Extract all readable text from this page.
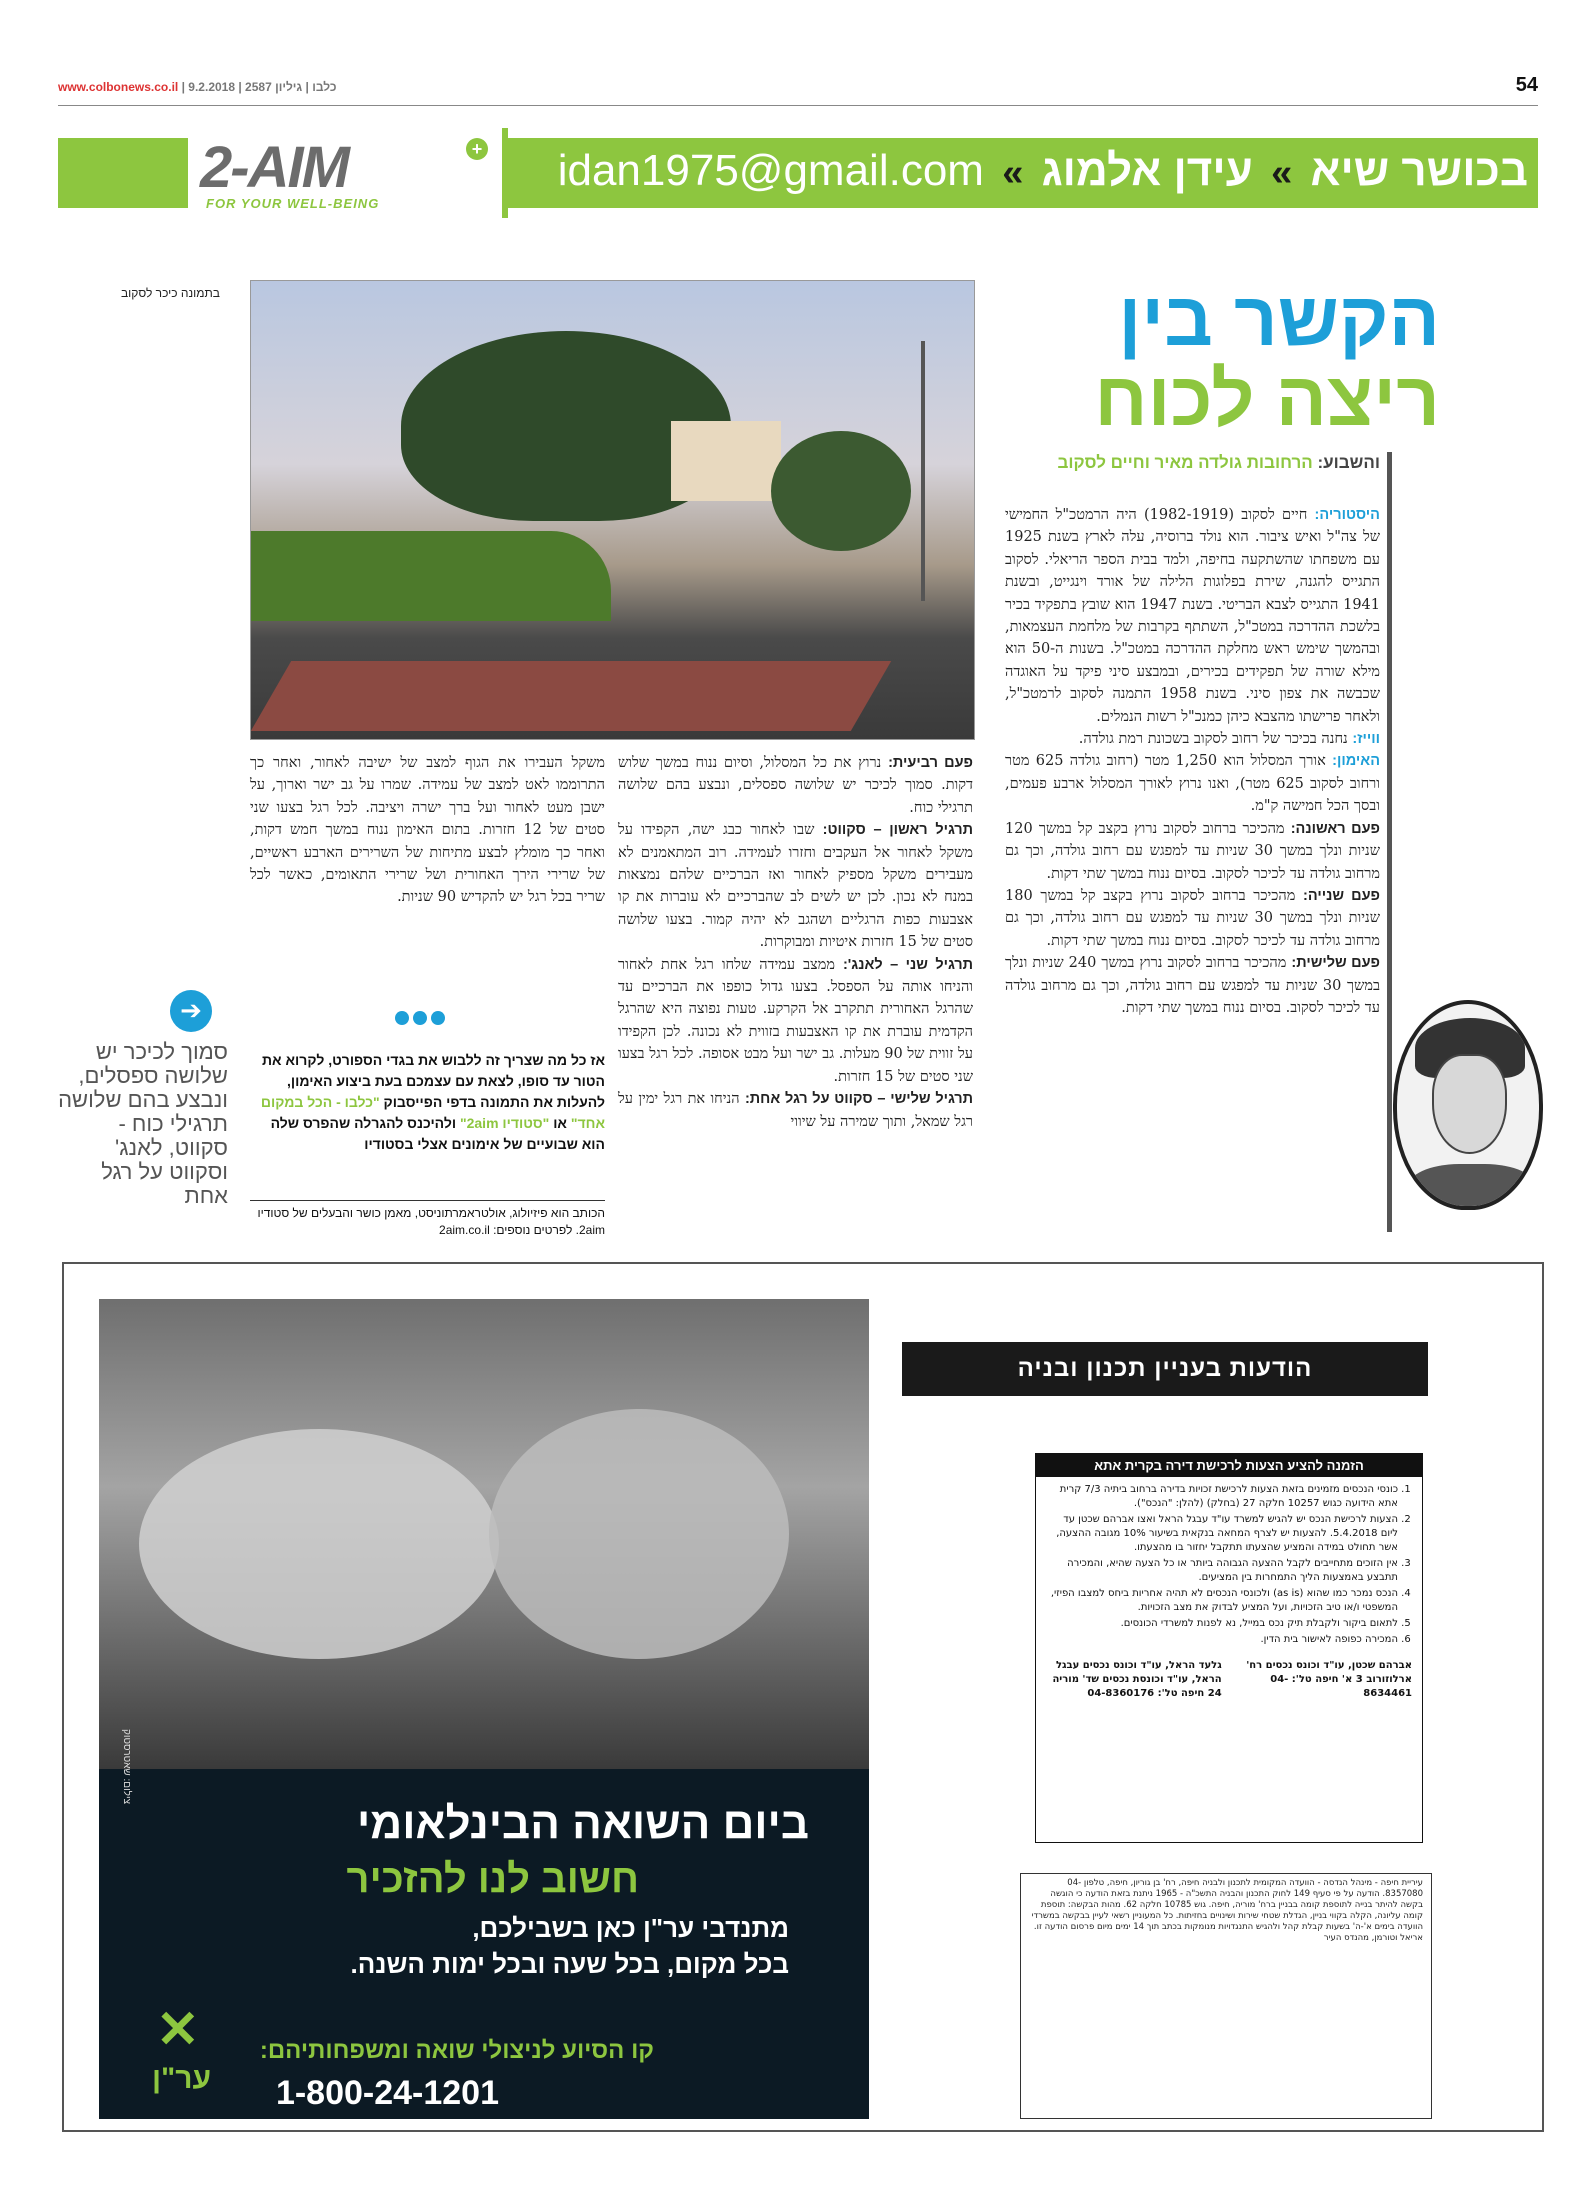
www.colbonews.co.il | כלבו | גיליון 2587 | 9.2.2018	54
2-AIM	+
FOR YOUR WELL-BEING
בכושר שיא » עידן אלמוג » idan1975@gmail.com
בתמונה כיכר לסקוב	הקשר בין
ריצה לכוח
והשבוע: הרחובות גולדה מאיר וחיים לסקוב

היסטוריה: חיים לסקוב (1982-1919) היה הרמטכ"ל החמישי של צה"ל ואיש ציבור. הוא נולד ברוסיה, עלה לארץ בשנת 1925 עם משפחתו שהשתקעה בחיפה, ולמד בבית הספר הריאלי. לסקוב התגייס להגנה, שירת בפלוגות הלילה של אורד וינגייט, ובשנת 1941 התגייס לצבא הבריטי. בשנת 1947 הוא שובץ בתפקיד בכיר בלשכת ההדרכה במטכ"ל, השתתף בקרבות של מלחמת העצמאות, ובהמשך שימש ראש מחלקת ההדרכה במטכ"ל. בשנות ה-50 הוא מילא שורה של תפקידים בכירים, ובמבצע סיני פיקד על האוגדה שכבשה את צפון סיני. בשנת 1958 התמנה לסקוב לרמטכ"ל, ולאחר פרישתו מהצבא כיהן כמנכ"ל רשות הנמלים.

ווייז: נחנה בכיכר של רחוב לסקוב בשכונת רמת גולדה.

האימון: אורך המסלול הוא 1,250 מטר (רחוב גולדה 625 מטר ורחוב לסקוב 625 מטר), ואנו נרוץ לאורך המסלול ארבע פעמים, ובסך הכל חמישה ק"מ.

פעם ראשונה: מהכיכר ברחוב לסקוב נרוץ בקצב קל במשך 120 שניות ונלך במשך 30 שניות עד למפגש עם רחוב גולדה, וכך גם מרחוב גולדה עד לכיכר לסקוב. בסיום ננוח במשך שתי דקות.

פעם שנייה: מהכיכר ברחוב לסקוב נרוץ בקצב קל במשך 180 שניות ונלך במשך 30 שניות עד למפגש עם רחוב גולדה, וכך גם מרחוב גולדה עד לכיכר לסקוב. בסיום ננוח במשך שתי דקות.

פעם שלישית: מהכיכר ברחוב לסקוב נרוץ במשך 240 שניות ונלך במשך 30 שניות עד למפגש עם רחוב גולדה, וכך גם מרחוב גולדה עד לכיכר לסקוב. בסיום ננוח במשך שתי דקות.

פעם רביעית: נרוץ את כל המסלול, וסיום ננוח במשך שלוש דקות. סמוך לכיכר יש שלושה ספסלים, ונבצע בהם שלושה תרגילי כוח.

תרגיל ראשון – סקווט: שבו לאחור כבג ישה, הקפידו על משקל לאחור אל העקבים וחזרו לעמידה. רוב המתאמנים לא מעבירים משקל מספיק לאחור ואז הברכיים שלהם נמצאות במנח לא נכון. לכן יש לשים לב שהברכיים לא עוברות את קו אצבעות כפות הרגליים ושהגב לא יהיה קמור. בצעו שלושה סטים של 15 חזרות איטיות ומבוקרות.

תרגיל שני – לאנג': ממצב עמידה שלחו רגל אחת לאחור והניחו אותה על הספסל. בצעו גדול כופפו את הברכיים עד שהרגל האחורית תתקרב אל הקרקע. טעות נפוצה היא שהרגל הקדמית עוברת את קו האצבעות בזווית לא נכונה. לכן הקפידו על זווית של 90 מעלות. גב ישר ועל מבט אסופה. לכל רגל בצעו שני סטים של 15 חזרות.

תרגיל שלישי – סקווט על רגל אחת: הניחו את רגל ימין על רגל שמאל, ותוך שמירה על שיווי

משקל העבירו את הגוף למצב של ישיבה לאחור, ואחר כך התרוממו לאט למצב של עמידה. שמרו על גב ישר וארוך, על ישבן מעט לאחור ועל ברך ישרה ויציבה. לכל רגל בצעו שני סטים של 12 חזרות. בתום האימון ננוח במשך חמש דקות, ואחר כך מומלץ לבצע מתיחות של השרירים הארבע ראשיים, של שרירי הירך האחורית ושל שרירי התאומים, כאשר לכל שריר בכל רגל יש להקדיש 90 שניות.

אז כל מה שצריך זה ללבוש את בגדי הספורט, לקרוא את הטור עד סופו, לצאת עם עצמכם בעת ביצוע האימון, להעלות את התמונה בדפי הפייסבוק "כלבו - הכל במקום אחד" או "סטודיו 2aim" ולהיכנס להגרלה שהפרס שלה הוא שבועיים של אימונים אצלי בסטודיו
הכותב הוא פיזיולוג, אולטראמרתוניסט, מאמן כושר והבעלים של סטודיו 2aim. לפרטים נוספים: 2aim.co.il
➔
סמוך לכיכר יש שלושה ספסלים, ונבצע בהם שלושה תרגילי כוח - סקווט, לאנג' וסקווט על רגל אחת
צילום: שאטרסטוק
ביום השואה הבינלאומי
חשוב לנו להזכיר
מתנדבי ער"ן כאן בשבילכם,
בכל מקום, בכל שעה ובכל ימות השנה.
קו הסיוע לניצולי שואה ומשפחותיהם:
1-800-24-1201
✕
ער"ן
הודעות בעניין תכנון ובניה
הזמנה להציע הצעות לרכישת דירה בקרית אתא
1. כונסי הנכסים מזמינים בזאת הצעות לרכישת זכויות בדירה ברחוב ביתיה 7/3 קרית אתא הידועה כגוש 10257 חלקה 27 (בחלק) (להלן: "הנכס").
2. הצעות לרכישת הנכס יש להגיש למשרד עו"ד עבגל הראל ואצו אברהם שכטן עד ליום 5.4.2018. להצעות יש לצרף המחאה בנקאית בשיעור 10% מגובה ההצעה, אשר תחולט במידה והמציע שהצעתו תתקבל יחזור בו מהצעתו.
3. אין הזוכים מתחייבים לקבל ההצעה הגבוהה ביותר או כל הצעה שהיא, והמכירה תתבצע באמצעות הליך התמחרות בין המציעים.
4. הנכס נמכר כמו שהוא (as is) ולכונסי הנכסים לא תהיה אחריות ביחס למצבו הפיזי, המשפטי ו/או טיב הזכויות, ועל המציע לבדוק את מצב הזכויות.
5. לתאום ביקור ולקבלת תיק נכס במייל, נא לפנות למשרדי הכונסים.
6. המכירה כפופה לאישור בית הדין.
אברהם שכטן, עו"ד וכונס נכסים רח' ארלוזורוב 3 א' חיפה טל': 04-8634461
גלעד הראל, עו"ד וכונס נכסים עבגל הראל, עו"ד וכונסת נכסים שד' מוריה 24 חיפה טל': 04-8360176
עיריית חיפה - מינהל הנדסה - הוועדה המקומית לתכנון ולבניה חיפה, רח' בן גוריון, חיפה, טלפון 04-8357080. הודעה על פי סעיף 149 לחוק התכנון והבניה התשכ"ה - 1965 ניתנת בזאת הודעה כי הוגשה בקשה להיתר בנייה לתוספת קומה בבניין ברח' מוריה, חיפה. גוש 10785 חלקה 62. מהות הבקשה: תוספת קומה עליונה, הקלה בקווי בניין, הגדלת שטחי שירות ושינויים בחזיתות. כל המעוניין רשאי לעיין בבקשה במשרדי הוועדה בימים א'-ה' בשעות קבלת קהל ולהגיש התנגדויות מנומקות בכתב תוך 14 ימים מיום פרסום הודעה זו. אריאל וטורמן, מהנדס העיר
